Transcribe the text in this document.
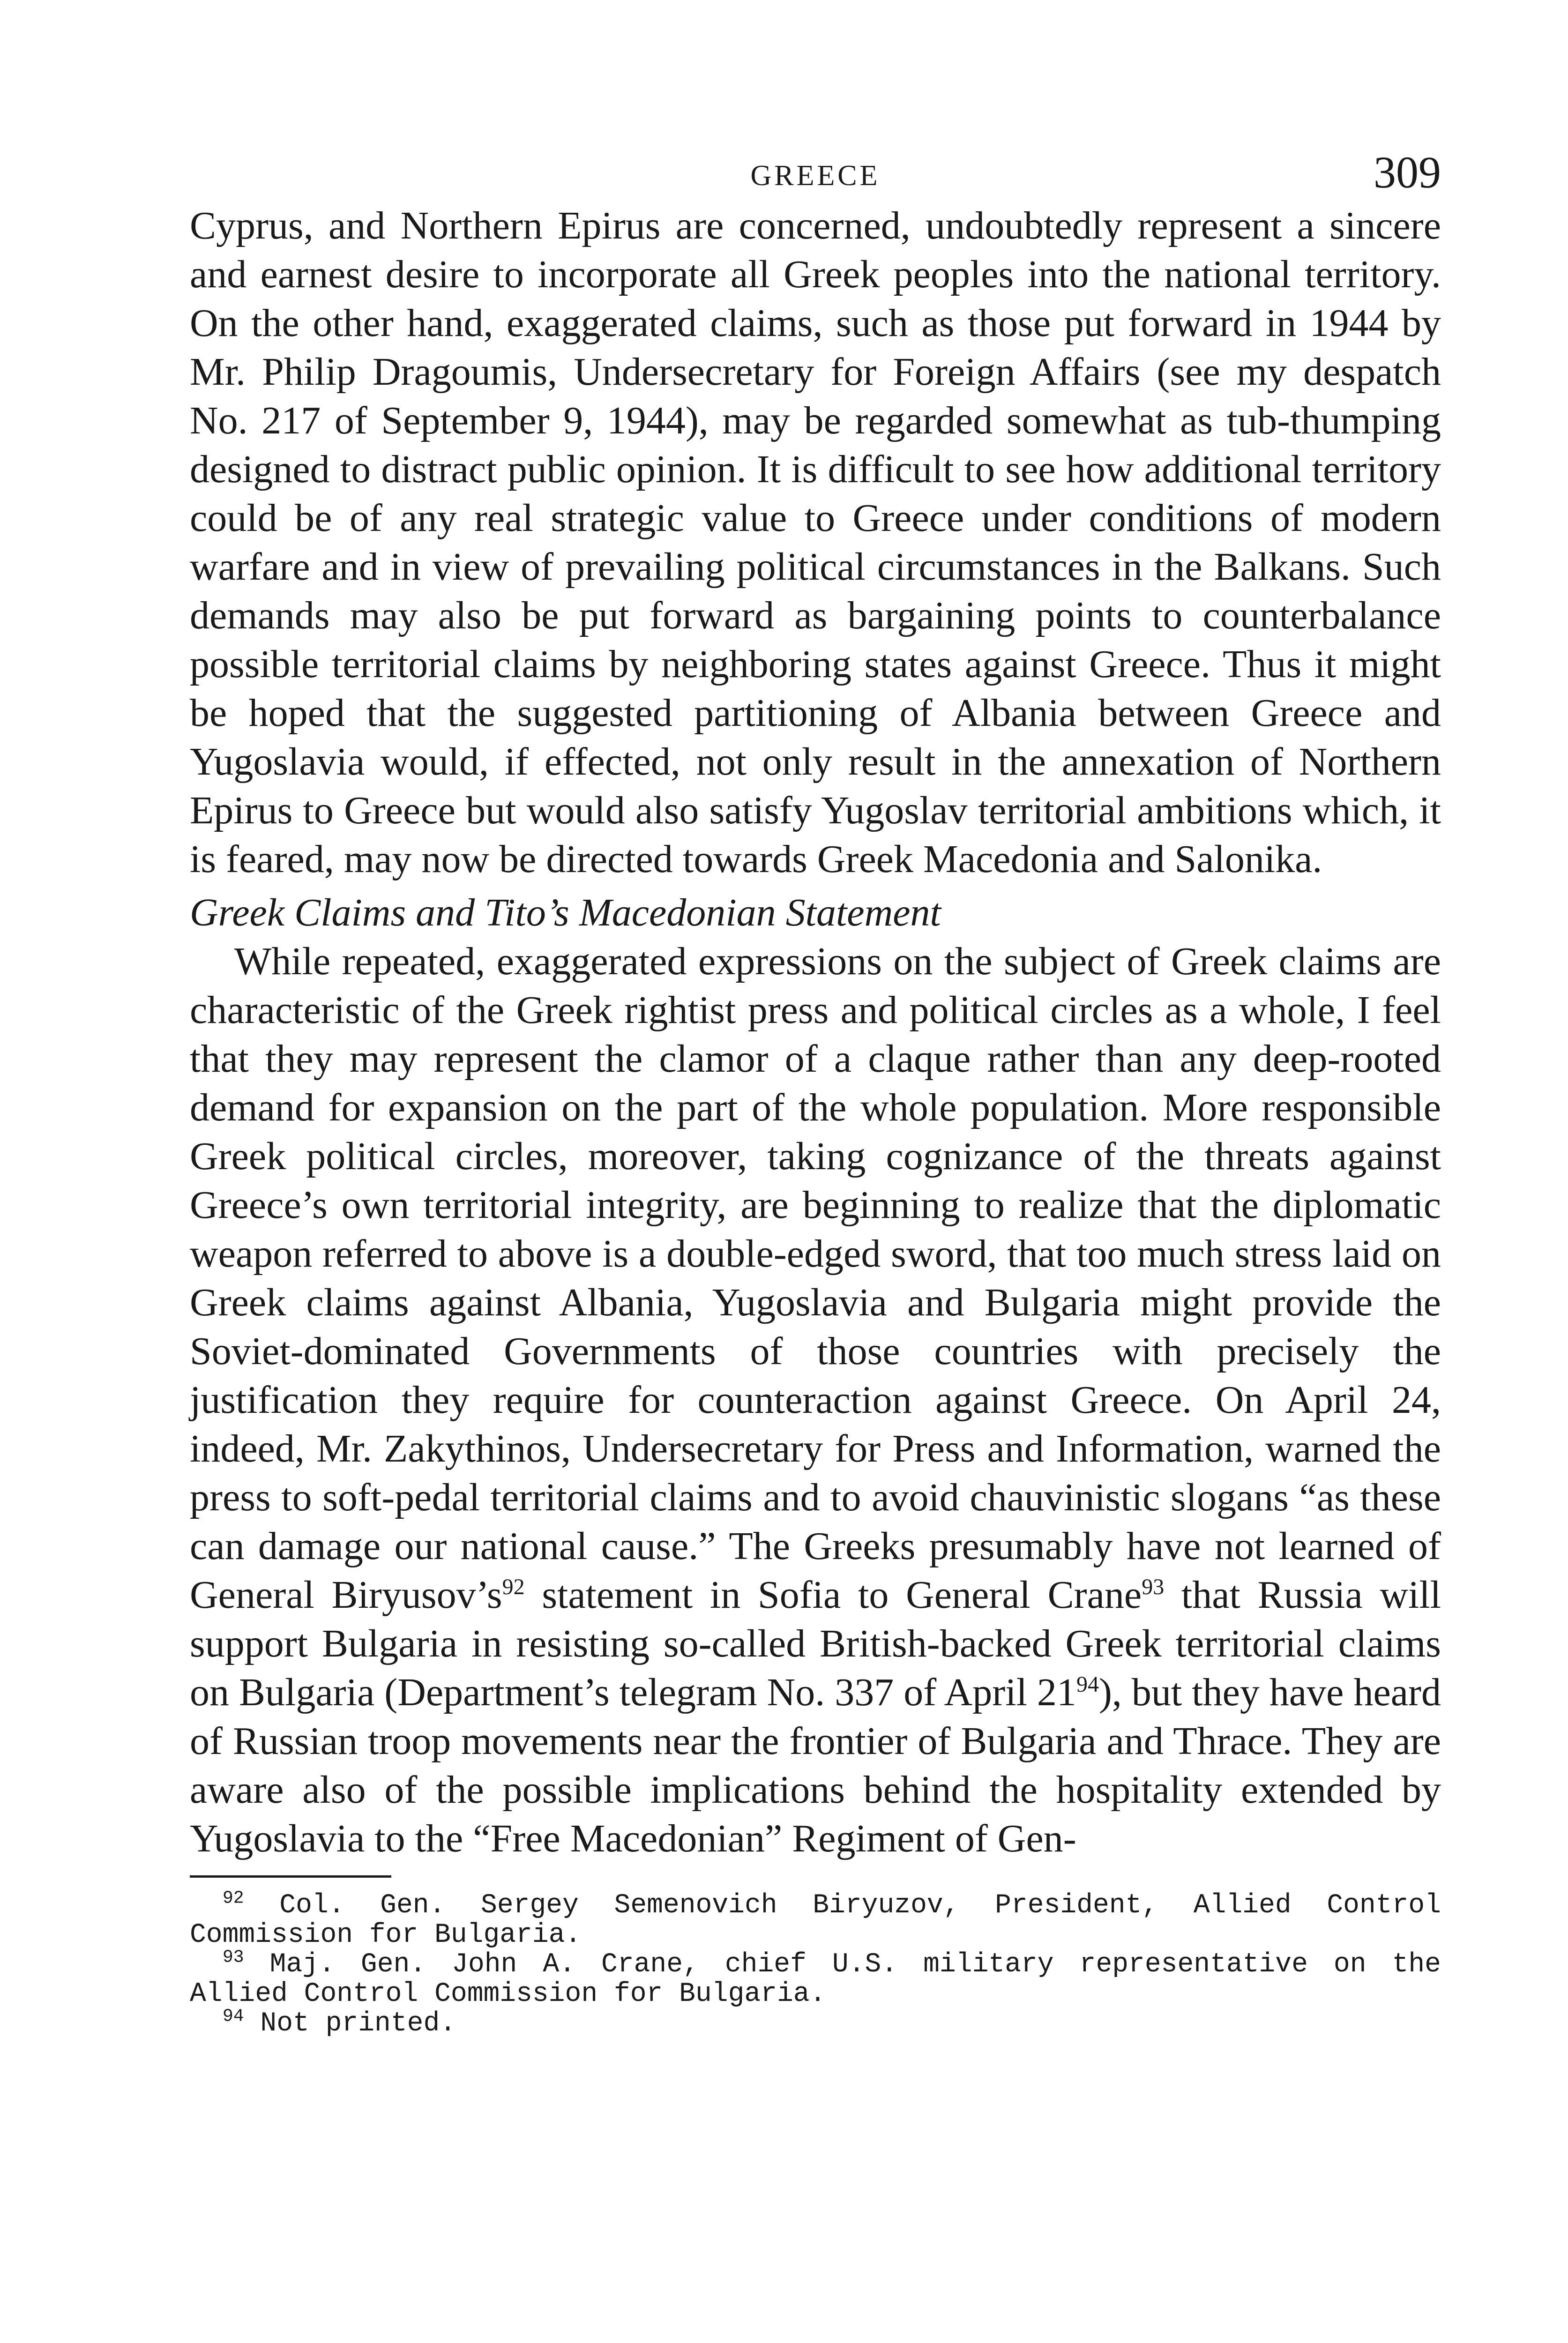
GREECE	309

Cyprus, and Northern Epirus are concerned, undoubtedly represent a sincere and earnest desire to incorporate all Greek peoples into the national territory. On the other hand, exaggerated claims, such as those put forward in 1944 by Mr. Philip Dragoumis, Undersecretary for Foreign Affairs (see my despatch No. 217 of September 9, 1944), may be regarded somewhat as tub-thumping designed to distract public opinion. It is difficult to see how additional territory could be of any real strategic value to Greece under conditions of modern warfare and in view of prevailing political circumstances in the Balkans. Such demands may also be put forward as bargaining points to counterbalance possible territorial claims by neighboring states against Greece. Thus it might be hoped that the suggested partitioning of Albania between Greece and Yugoslavia would, if effected, not only result in the annexation of Northern Epirus to Greece but would also satisfy Yugoslav territorial ambitions which, it is feared, may now be directed towards Greek Macedonia and Salonika.

Greek Claims and Tito’s Macedonian Statement

While repeated, exaggerated expressions on the subject of Greek claims are characteristic of the Greek rightist press and political circles as a whole, I feel that they may represent the clamor of a claque rather than any deep-rooted demand for expansion on the part of the whole population. More responsible Greek political circles, moreover, taking cognizance of the threats against Greece’s own territorial integrity, are beginning to realize that the diplomatic weapon referred to above is a double-edged sword, that too much stress laid on Greek claims against Albania, Yugoslavia and Bulgaria might provide the Soviet-dominated Governments of those countries with precisely the justification they require for counteraction against Greece. On April 24, indeed, Mr. Zakythinos, Undersecretary for Press and Information, warned the press to soft-pedal territorial claims and to avoid chauvinistic slogans “as these can damage our national cause.” The Greeks presumably have not learned of General $Biryusov’s^{92}$ statement in Sofia to General Crane$^{93}$ that Russia will support Bulgaria in resisting so-called British-backed Greek territorial claims on Bulgaria (Department’s telegram No. 337 of April $21^{94}$), but they have heard of Russian troop movements near the frontier of Bulgaria and Thrace. They are aware also of the possible implications behind the hospitality extended by Yugoslavia to the “Free Macedonian” Regiment of Gen-

$^{92}$ Col. Gen. Sergey Semenovich Biryuzov, President, Allied Control Commission for Bulgaria.

$^{93}$ Maj. Gen. John A. Crane, chief U.S. military representative on the Allied Control Commission for Bulgaria.

$^{94}$ Not printed.
